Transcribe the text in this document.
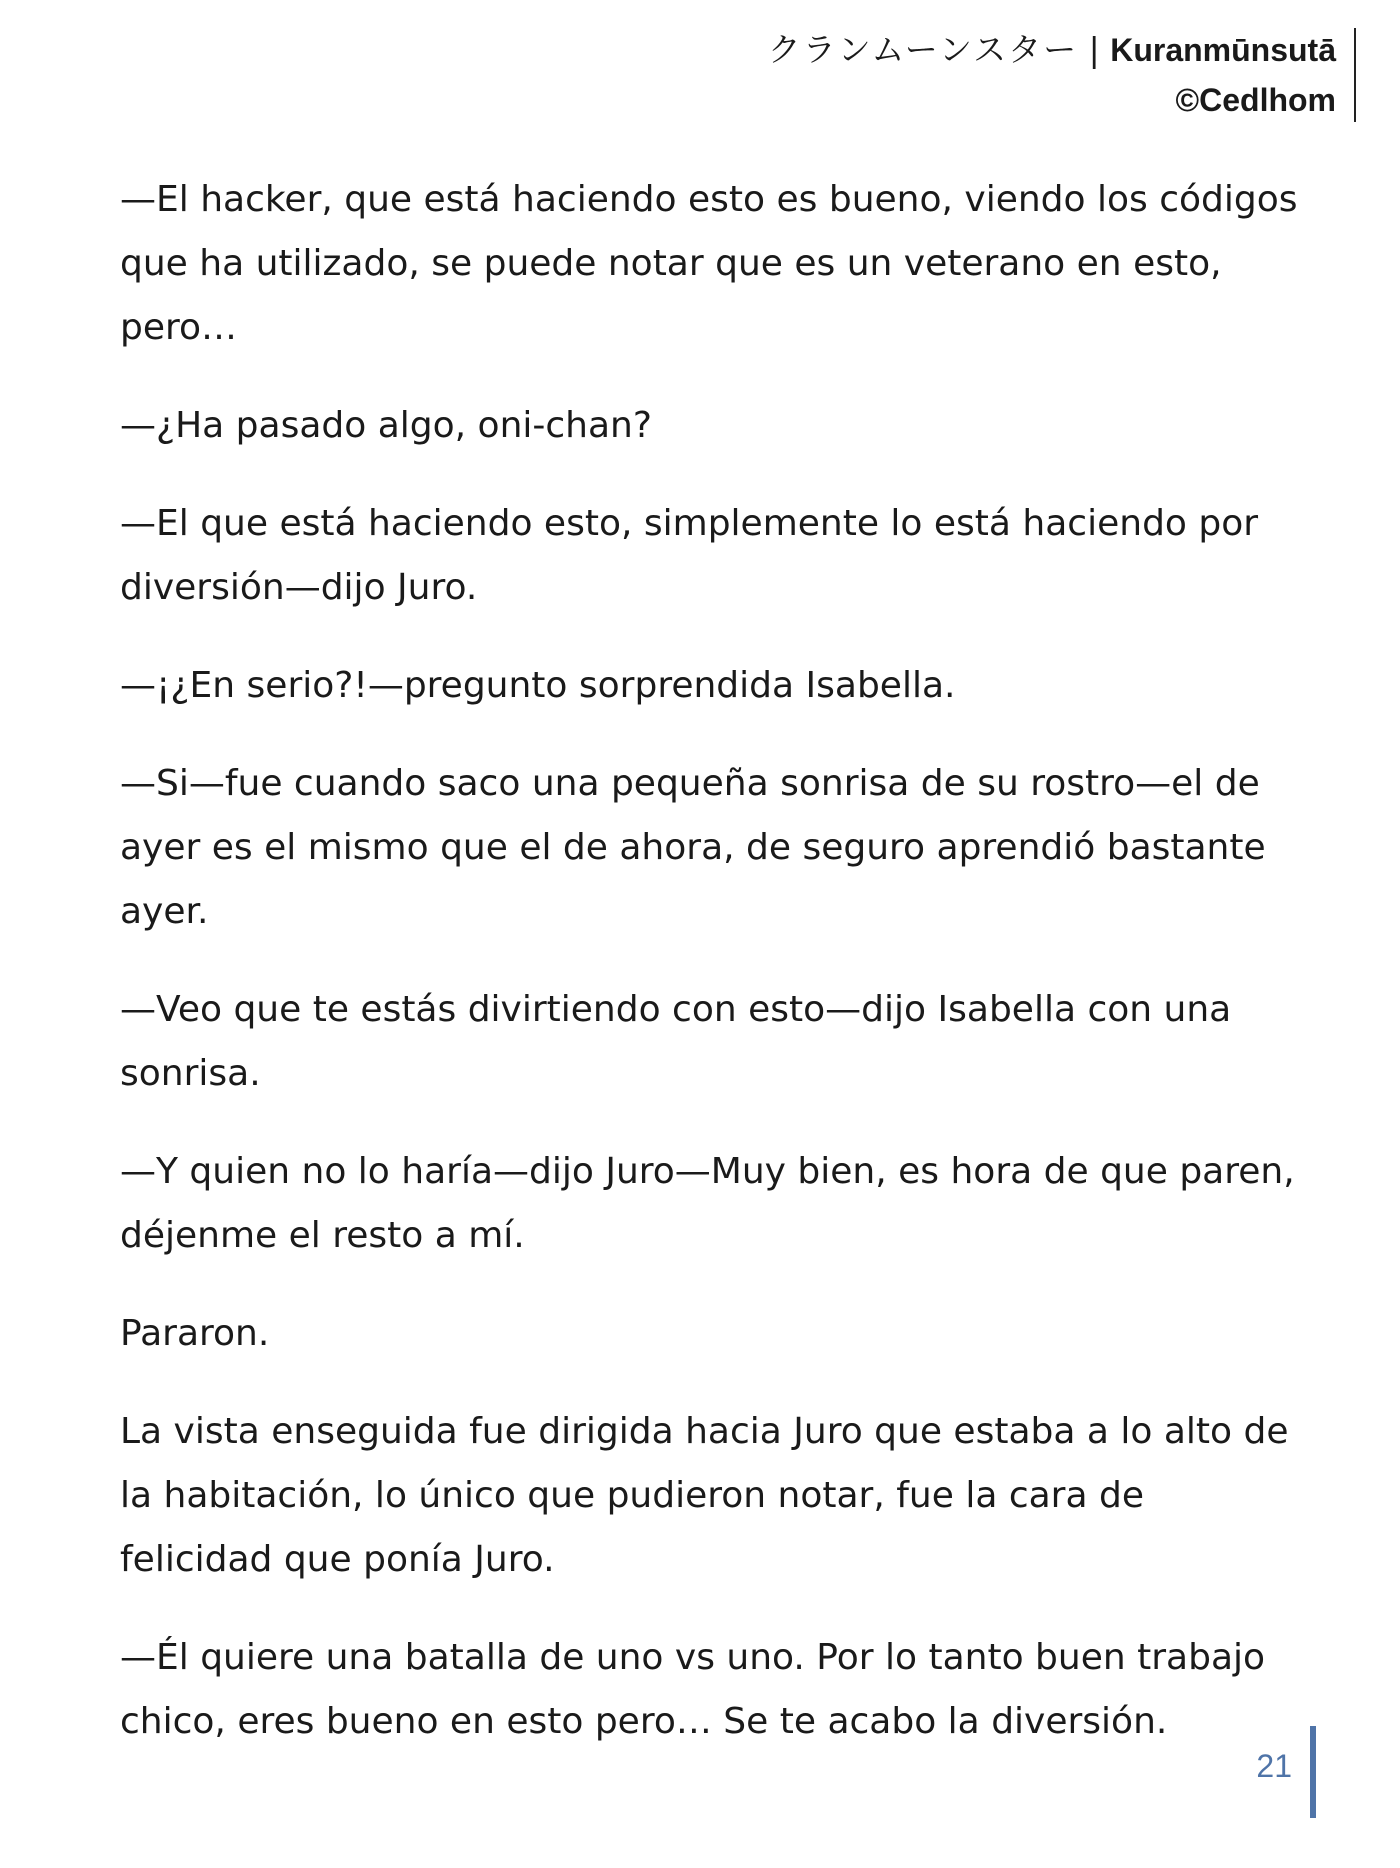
クランムーンスター | Kuranmūnsutā
©Cedlhom

—El hacker, que está haciendo esto es bueno, viendo los códigos que ha utilizado, se puede notar que es un veterano en esto, pero…

—¿Ha pasado algo, oni-chan?

—El que está haciendo esto, simplemente lo está haciendo por diversión—dijo Juro.

—¡¿En serio?!—pregunto sorprendida Isabella.

—Si—fue cuando saco una pequeña sonrisa de su rostro—el de ayer es el mismo que el de ahora, de seguro aprendió bastante ayer.

—Veo que te estás divirtiendo con esto—dijo Isabella con una sonrisa.

—Y quien no lo haría—dijo Juro—Muy bien, es hora de que paren, déjenme el resto a mí.

Pararon.

La vista enseguida fue dirigida hacia Juro que estaba a lo alto de la habitación, lo único que pudieron notar, fue la cara de felicidad que ponía Juro.

—Él quiere una batalla de uno vs uno. Por lo tanto buen trabajo chico, eres bueno en esto pero… Se te acabo la diversión.

21
